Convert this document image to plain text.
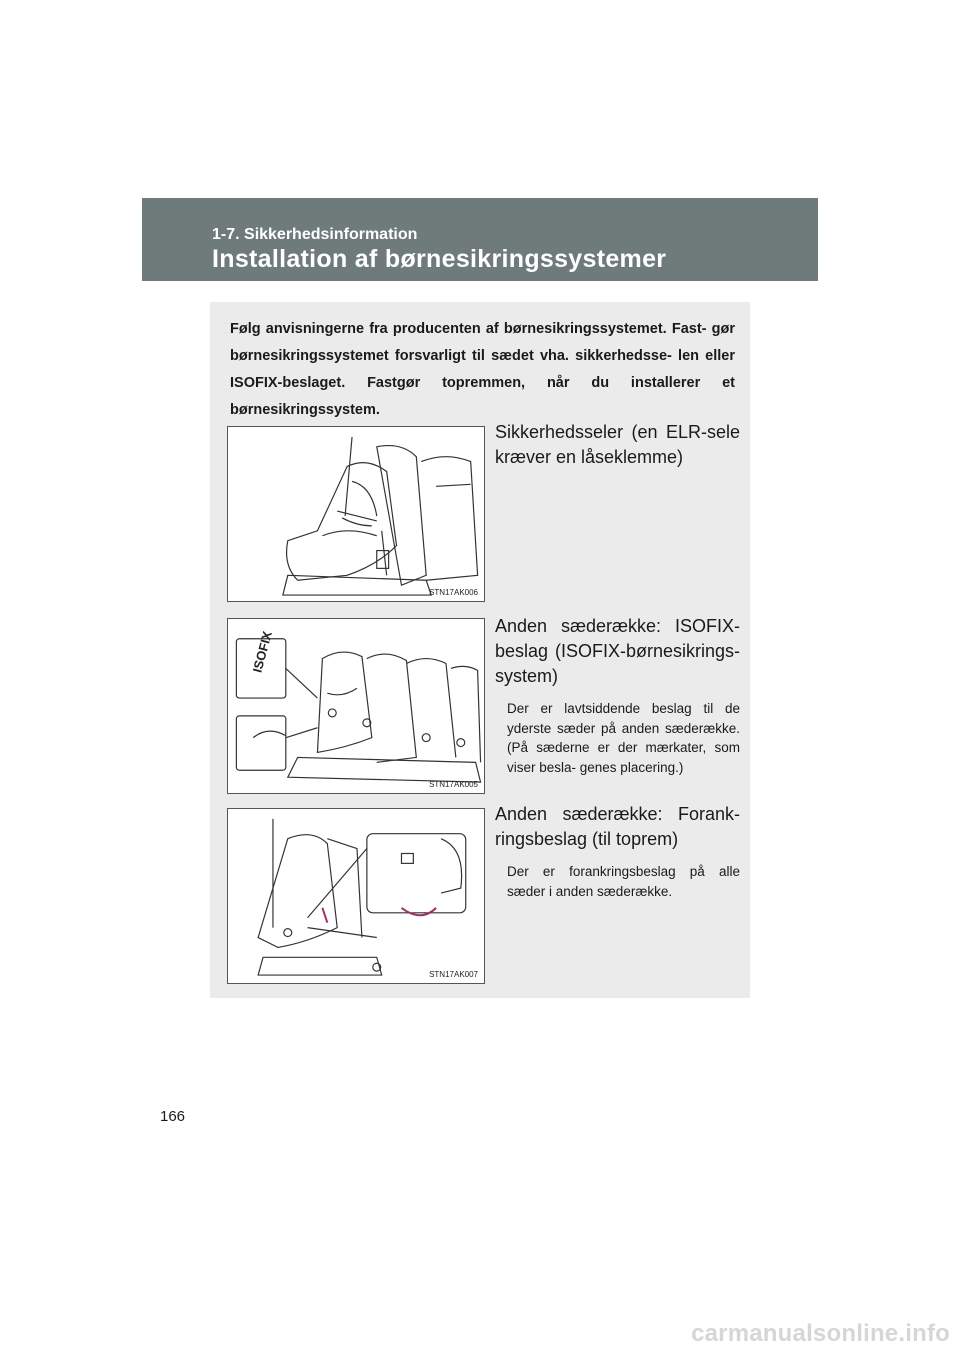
1-7. Sikkerhedsinformation
Installation af børnesikringssystemer
Følg anvisningerne fra producenten af børnesikringssystemet. Fast- gør børnesikringssystemet forsvarligt til sædet vha. sikkerhedsse- len eller ISOFIX-beslaget. Fastgør topremmen, når du installerer et børnesikringssystem.
STN17AK006
Sikkerhedsseler (en ELR-sele kræver en låseklemme)
ISOFIX
STN17AK005
Anden sæderække: ISOFIX- beslag (ISOFIX-børnesikrings- system)
Der er lavtsiddende beslag til de yderste sæder på anden sæderække. (På sæderne er der mærkater, som viser besla- genes placering.)
STN17AK007
Anden sæderække: Forank- ringsbeslag (til toprem)
Der er forankringsbeslag på alle sæder i anden sæderække.
166
carmanualsonline.info
